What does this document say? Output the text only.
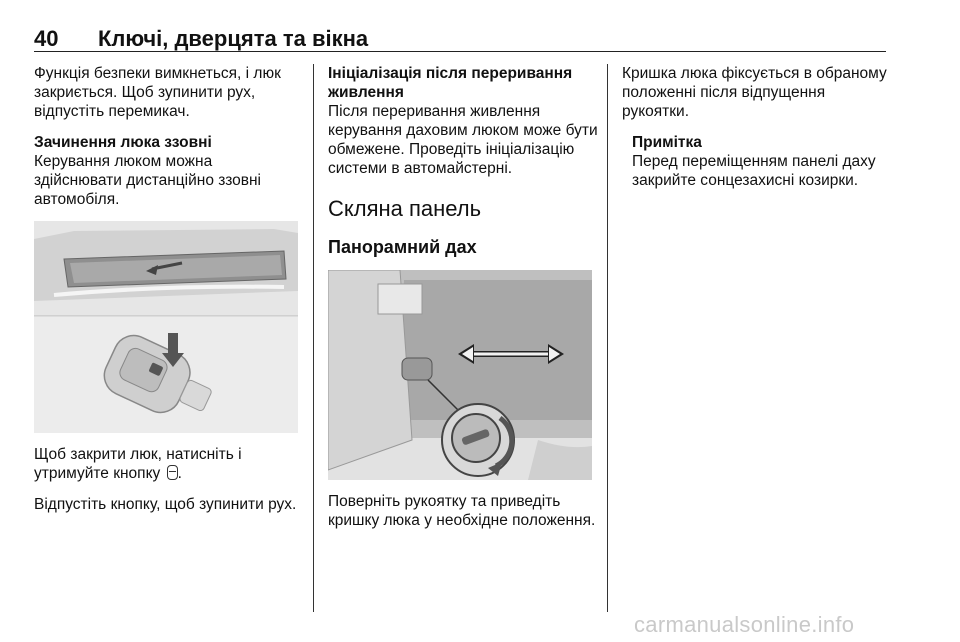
40 Ключі, дверцята та вікна

Функція безпеки вимкнеться, і люк закриється. Щоб зупинити рух, відпустіть перемикач.

Зачинення люка ззовні

Керування люком можна здійснювати дистанційно ззовні автомобіля.

Щоб закрити люк, натисніть і утримуйте кнопку .

Відпустіть кнопку, щоб зупинити рух.

Ініціалізація після переривання живлення

Після переривання живлення керування даховим люком може бути обмежене. Проведіть ініціалізацію системи в автомайстерні.

Скляна панель
Панорамний дах

Поверніть рукоятку та приведіть кришку люка у необхідне положення.

Кришка люка фіксується в обраному положенні після відпущення рукоятки.

Примітка
Перед переміщенням панелі даху закрийте сонцезахисні козирки.
carmanualsonline.info
